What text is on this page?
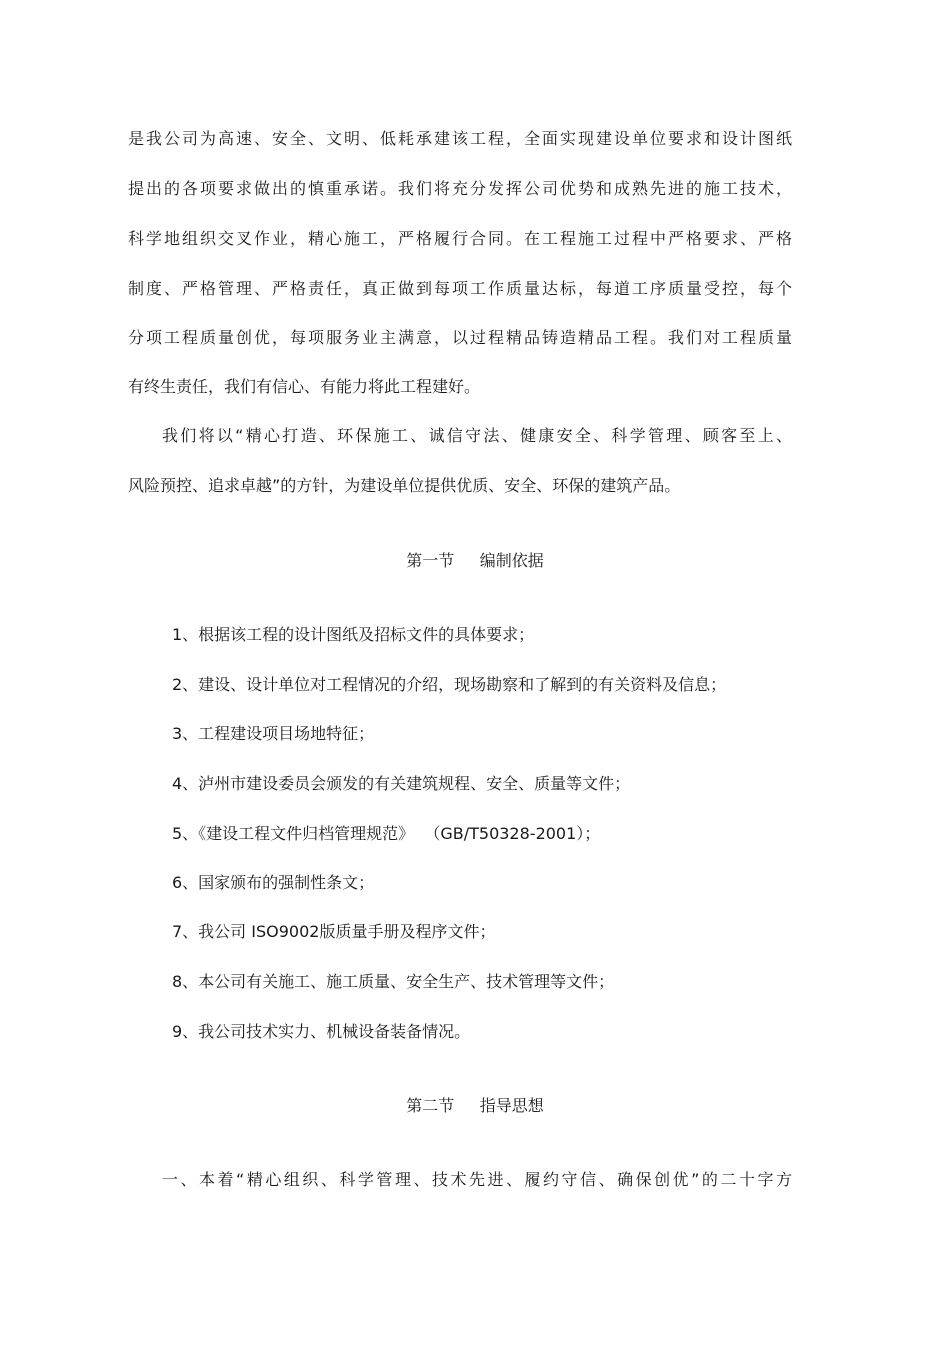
是我公司为高速、安全、文明、低耗承建该工程，全面实现建设单位要求和设计图纸
提出的各项要求做出的慎重承诺。我们将充分发挥公司优势和成熟先进的施工技术，
科学地组织交叉作业，精心施工，严格履行合同。在工程施工过程中严格要求、严格
制度、严格管理、严格责任，真正做到每项工作质量达标，每道工序质量受控，每个
分项工程质量创优，每项服务业主满意，以过程精品铸造精品工程。我们对工程质量
有终生责任，我们有信心、有能力将此工程建好。
我们将以“精心打造、环保施工、诚信守法、健康安全、科学管理、顾客至上、
风险预控、追求卓越”的方针，为建设单位提供优质、安全、环保的建筑产品。
第一节     编制依据
1、根据该工程的设计图纸及招标文件的具体要求；
2、建设、设计单位对工程情况的介绍，现场勘察和了解到的有关资料及信息；
3、工程建设项目场地特征；
4、泸州市建设委员会颁发的有关建筑规程、安全、质量等文件；
5、《建设工程文件归档管理规范》  （GB/T50328-2001）；
6、国家颁布的强制性条文；
7、我公司 ISO9002版质量手册及程序文件；
8、本公司有关施工、施工质量、安全生产、技术管理等文件；
9、我公司技术实力、机械设备装备情况。
第二节     指导思想
一、本着“精心组织、科学管理、技术先进、履约守信、确保创优”的二十字方
